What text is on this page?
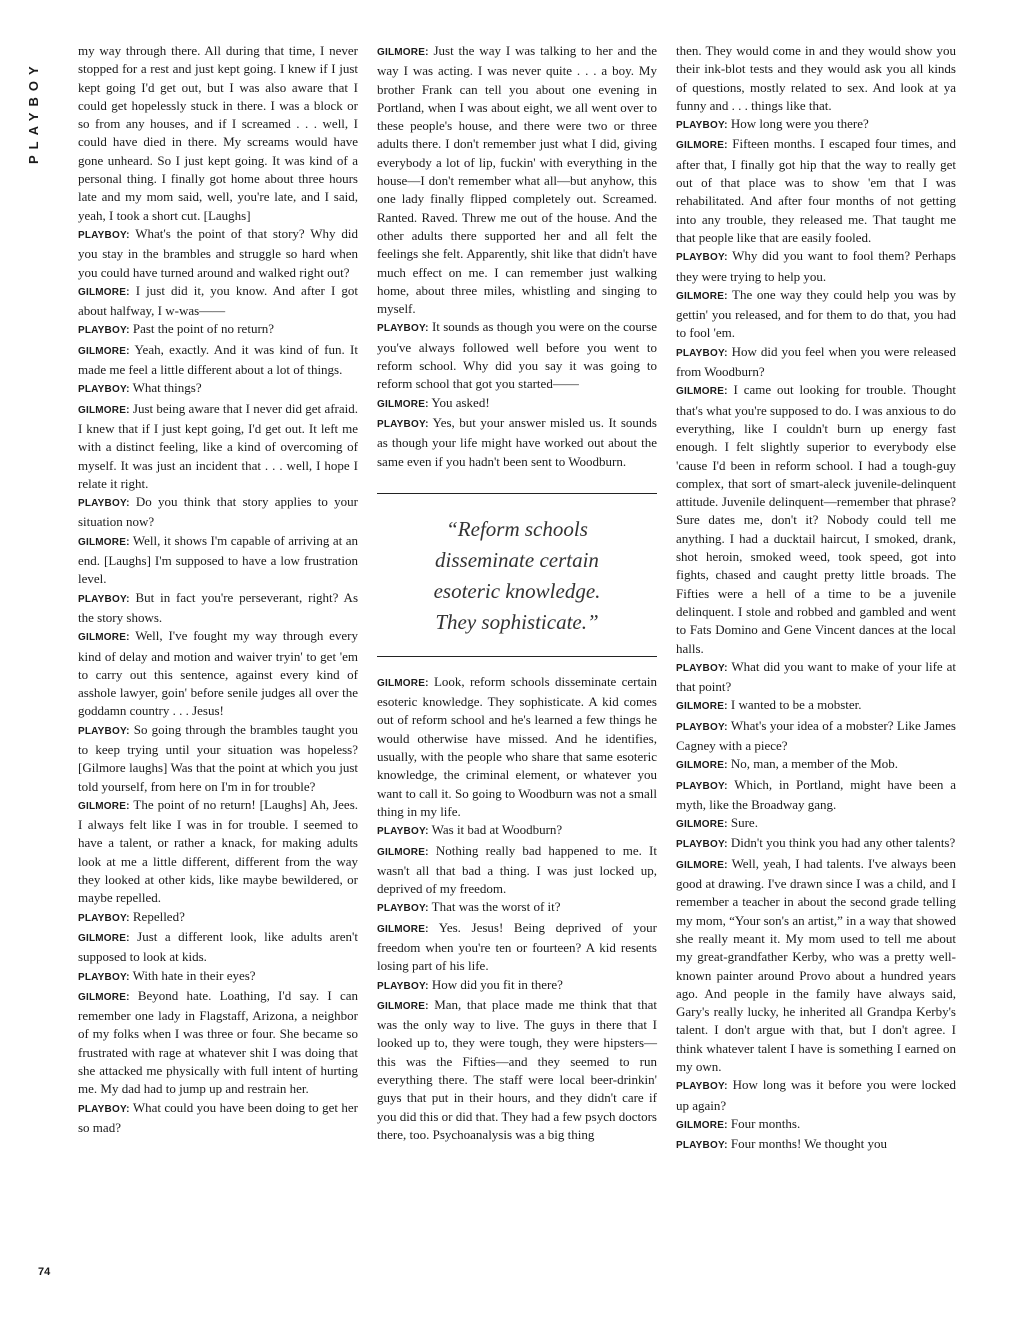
PLAYBOY

my way through there. All during that time, I never stopped for a rest and just kept going. I knew if I just kept going I'd get out, but I was also aware that I could get hopelessly stuck in there. I was a block or so from any houses, and if I screamed . . . well, I could have died in there. My screams would have gone unheard. So I just kept going. It was kind of a personal thing. I finally got home about three hours late and my mom said, well, you're late, and I said, yeah, I took a short cut. [Laughs]

PLAYBOY: What's the point of that story? Why did you stay in the brambles and struggle so hard when you could have turned around and walked right out?

GILMORE: I just did it, you know. And after I got about halfway, I w-was——

PLAYBOY: Past the point of no return?

GILMORE: Yeah, exactly. And it was kind of fun. It made me feel a little different about a lot of things.

PLAYBOY: What things?

GILMORE: Just being aware that I never did get afraid. I knew that if I just kept going, I'd get out. It left me with a distinct feeling, like a kind of overcoming of myself. It was just an incident that . . . well, I hope I relate it right.

PLAYBOY: Do you think that story applies to your situation now?

GILMORE: Well, it shows I'm capable of arriving at an end. [Laughs] I'm supposed to have a low frustration level.

PLAYBOY: But in fact you're perseverant, right? As the story shows.

GILMORE: Well, I've fought my way through every kind of delay and motion and waiver tryin' to get 'em to carry out this sentence, against every kind of asshole lawyer, goin' before senile judges all over the goddamn country . . . Jesus!

PLAYBOY: So going through the brambles taught you to keep trying until your situation was hopeless? [Gilmore laughs] Was that the point at which you just told yourself, from here on I'm in for trouble?

GILMORE: The point of no return! [Laughs] Ah, Jees. I always felt like I was in for trouble. I seemed to have a talent, or rather a knack, for making adults look at me a little different, different from the way they looked at other kids, like maybe bewildered, or maybe repelled.

PLAYBOY: Repelled?

GILMORE: Just a different look, like adults aren't supposed to look at kids.

PLAYBOY: With hate in their eyes?

GILMORE: Beyond hate. Loathing, I'd say. I can remember one lady in Flagstaff, Arizona, a neighbor of my folks when I was three or four. She became so frustrated with rage at whatever shit I was doing that she attacked me physically with full intent of hurting me. My dad had to jump up and restrain her.

PLAYBOY: What could you have been doing to get her so mad?

GILMORE: Just the way I was talking to her and the way I was acting. I was never quite . . . a boy. My brother Frank can tell you about one evening in Portland, when I was about eight, we all went over to these people's house, and there were two or three adults there. I don't remember just what I did, giving everybody a lot of lip, fuckin' with everything in the house—I don't remember what all—but anyhow, this one lady finally flipped completely out. Screamed. Ranted. Raved. Threw me out of the house. And the other adults there supported her and all felt the feelings she felt. Apparently, shit like that didn't have much effect on me. I can remember just walking home, about three miles, whistling and singing to myself.

PLAYBOY: It sounds as though you were on the course you've always followed well before you went to reform school. Why did you say it was going to reform school that got you started——

GILMORE: You asked!

PLAYBOY: Yes, but your answer misled us. It sounds as though your life might have worked out about the same even if you hadn't been sent to Woodburn.

“Reform schools
disseminate certain
esoteric knowledge.
They sophisticate.”

GILMORE: Look, reform schools disseminate certain esoteric knowledge. They sophisticate. A kid comes out of reform school and he's learned a few things he would otherwise have missed. And he identifies, usually, with the people who share that same esoteric knowledge, the criminal element, or whatever you want to call it. So going to Woodburn was not a small thing in my life.

PLAYBOY: Was it bad at Woodburn?

GILMORE: Nothing really bad happened to me. It wasn't all that bad a thing. I was just locked up, deprived of my freedom.

PLAYBOY: That was the worst of it?

GILMORE: Yes. Jesus! Being deprived of your freedom when you're ten or fourteen? A kid resents losing part of his life.

PLAYBOY: How did you fit in there?

GILMORE: Man, that place made me think that that was the only way to live. The guys in there that I looked up to, they were tough, they were hipsters—this was the Fifties—and they seemed to run everything there. The staff were local beer-drinkin' guys that put in their hours, and they didn't care if you did this or did that. They had a few psych doctors there, too. Psychoanalysis was a big thing

then. They would come in and they would show you their ink-blot tests and they would ask you all kinds of questions, mostly related to sex. And look at ya funny and . . . things like that.

PLAYBOY: How long were you there?

GILMORE: Fifteen months. I escaped four times, and after that, I finally got hip that the way to really get out of that place was to show 'em that I was rehabilitated. And after four months of not getting into any trouble, they released me. That taught me that people like that are easily fooled.

PLAYBOY: Why did you want to fool them? Perhaps they were trying to help you.

GILMORE: The one way they could help you was by gettin' you released, and for them to do that, you had to fool 'em.

PLAYBOY: How did you feel when you were released from Woodburn?

GILMORE: I came out looking for trouble. Thought that's what you're supposed to do. I was anxious to do everything, like I couldn't burn up energy fast enough. I felt slightly superior to everybody else 'cause I'd been in reform school. I had a tough-guy complex, that sort of smart-aleck juvenile-delinquent attitude. Juvenile delinquent—remember that phrase? Sure dates me, don't it? Nobody could tell me anything. I had a ducktail haircut, I smoked, drank, shot heroin, smoked weed, took speed, got into fights, chased and caught pretty little broads. The Fifties were a hell of a time to be a juvenile delinquent. I stole and robbed and gambled and went to Fats Domino and Gene Vincent dances at the local halls.

PLAYBOY: What did you want to make of your life at that point?

GILMORE: I wanted to be a mobster.

PLAYBOY: What's your idea of a mobster? Like James Cagney with a piece?

GILMORE: No, man, a member of the Mob.

PLAYBOY: Which, in Portland, might have been a myth, like the Broadway gang.

GILMORE: Sure.

PLAYBOY: Didn't you think you had any other talents?

GILMORE: Well, yeah, I had talents. I've always been good at drawing. I've drawn since I was a child, and I remember a teacher in about the second grade telling my mom, “Your son's an artist,” in a way that showed she really meant it. My mom used to tell me about my great-grandfather Kerby, who was a pretty well-known painter around Provo about a hundred years ago. And people in the family have always said, Gary's really lucky, he inherited all Grandpa Kerby's talent. I don't argue with that, but I don't agree. I think whatever talent I have is something I earned on my own.

PLAYBOY: How long was it before you were locked up again?

GILMORE: Four months.

PLAYBOY: Four months! We thought you

74
